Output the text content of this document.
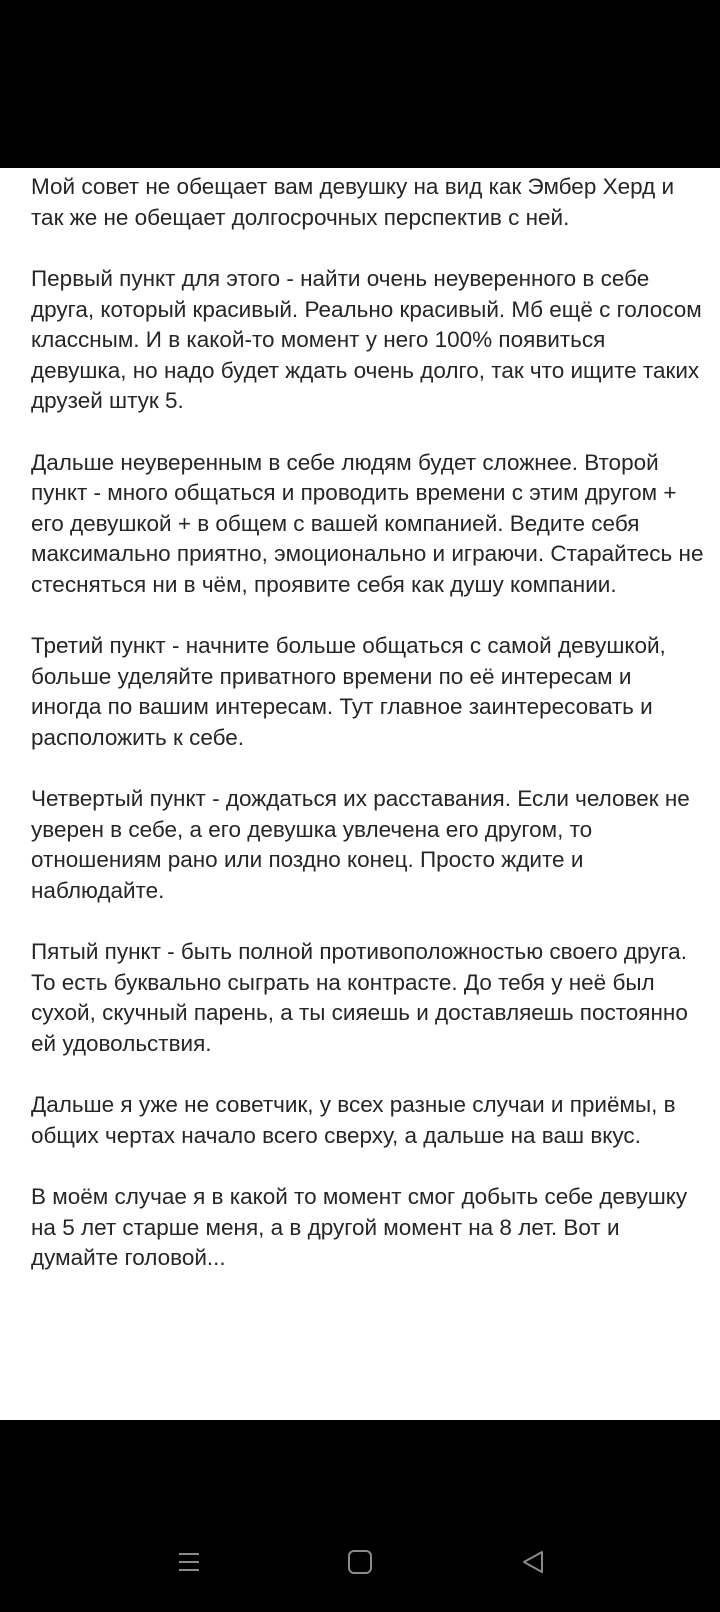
Мой совет не обещает вам девушку на вид как Эмбер Херд и так же не обещает долгосрочных перспектив с ней.

Первый пункт для этого - найти очень неуверенного в себе друга, который красивый. Реально красивый. Мб ещё с голосом классным. И в какой-то момент у него 100% появиться девушка, но надо будет ждать очень долго, так что ищите таких друзей штук 5.

Дальше неуверенным в себе людям будет сложнее. Второй пункт - много общаться и проводить времени с этим другом + его девушкой + в общем с вашей компанией. Ведите себя максимально приятно, эмоционально и играючи. Старайтесь не стесняться ни в чём, проявите себя как душу компании.

Третий пункт - начните больше общаться с самой девушкой, больше уделяйте приватного времени по её интересам и иногда по вашим интересам. Тут главное заинтересовать и расположить к себе.

Четвертый пункт - дождаться их расставания. Если человек не уверен в себе, а его девушка увлечена его другом, то отношениям рано или поздно конец. Просто ждите и наблюдайте.

Пятый пункт - быть полной противоположностью своего друга. То есть буквально сыграть на контрасте. До тебя у неё был сухой, скучный парень, а ты сияешь и доставляешь постоянно ей удовольствия.

Дальше я уже не советчик, у всех разные случаи и приёмы, в общих чертах начало всего сверху, а дальше на ваш вкус.

В моём случае я в какой то момент смог добыть себе девушку на 5 лет старше меня, а в другой момент на 8 лет. Вот и думайте головой...
